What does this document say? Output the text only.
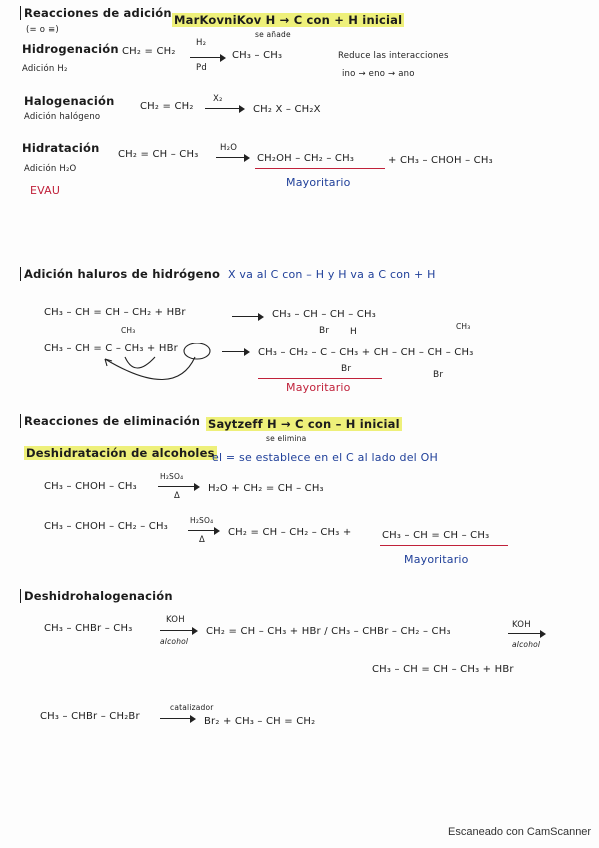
Reacciones de adición MarKovniKov H → C con + H inicial
se añade
(= o ≡)
Hidrogenación
Adición H₂
CH₂ = CH₂
H₂
Pd
CH₃ – CH₃	Reduce las interacciones
ino → eno → ano
Halogenación
Adición halógeno
CH₂ = CH₂
X₂
→ CH₂ X – CH₂X
Hidratación
Adición H₂O
EVAU
CH₂ = CH – CH₃
H₂O
→ CH₂OH – CH₂ – CH₃	+ CH₃ – CHOH – CH₃
Mayoritario
Adición haluros de hidrógeno X va al C con – H y H va a C con + H
CH₃ – CH = CH – CH₂ + HBr	→ CH₃ – CH – CH – CH₃
Br H
CH₃
CH₃ – CH = C – CH₃ + HBr
CH₃
CH₃ – CH₂ – C – CH₃ + CH – CH – CH – CH₃
Br
Br
Mayoritario
Reacciones de eliminación Saytzeff H → C con – H inicial
se elimina
Deshidratación de alcoholes
el = se establece en el C al lado del OH
CH₃ – CHOH – CH₃
H₂SO₄
Δ
H₂O + CH₂ = CH – CH₃
CH₃ – CHOH – CH₂ – CH₃
H₂SO₄
Δ
CH₂ = CH – CH₂ – CH₃ +	CH₃ – CH = CH – CH₃
Mayoritario
Deshidrohalogenación
CH₃ – CHBr – CH₃
KOH
alcohol
CH₂ = CH – CH₃ + HBr / CH₃ – CHBr – CH₂ – CH₃
KOH
alcohol
CH₃ – CH = CH – CH₃ + HBr
CH₃ – CHBr – CH₂Br
catalizador
→ Br₂ + CH₃ – CH = CH₂
Escaneado con CamScanner
